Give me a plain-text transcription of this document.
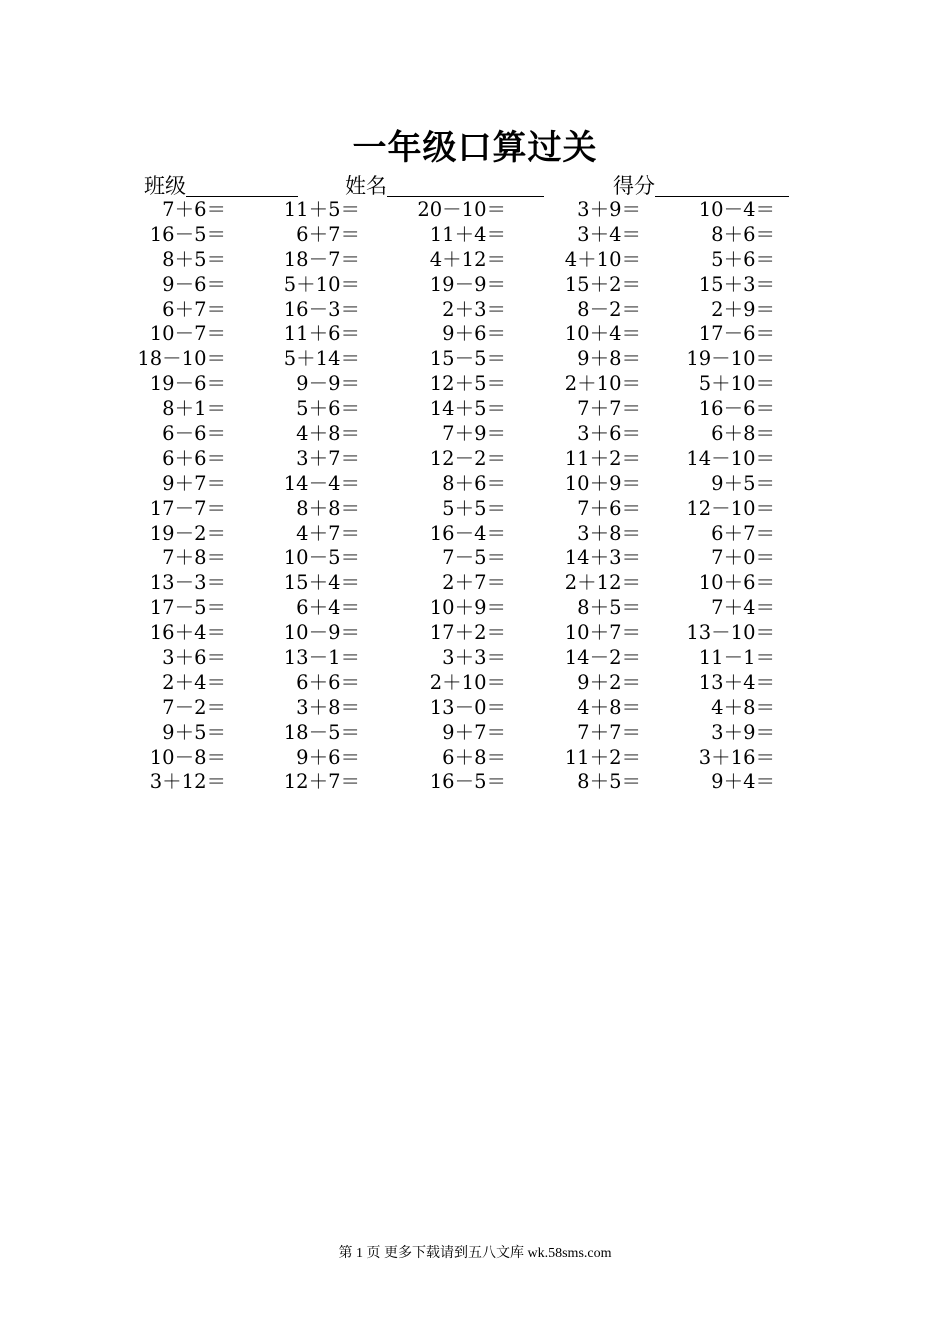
一年级口算过关
班级	姓名	得分
7＋6＝	11＋5＝	20－10＝	3＋9＝	10－4＝
16－5＝	6＋7＝	11＋4＝	3＋4＝	8＋6＝
8＋5＝	18－7＝	4＋12＝	4＋10＝	5＋6＝
9－6＝	5＋10＝	19－9＝	15＋2＝	15＋3＝
6＋7＝	16－3＝	2＋3＝	8－2＝	2＋9＝
10－7＝	11＋6＝	9＋6＝	10＋4＝	17－6＝
18－10＝	5＋14＝	15－5＝	9＋8＝ 19－10＝
19－6＝	9－9＝	12＋5＝	2＋10＝	5＋10＝
8＋1＝	5＋6＝	14＋5＝	7＋7＝	16－6＝
6－6＝	4＋8＝	7＋9＝	3＋6＝	6＋8＝
6＋6＝	3＋7＝	12－2＝	11＋2＝ 14－10＝
9＋7＝	14－4＝	8＋6＝	10＋9＝	9＋5＝
17－7＝	8＋8＝	5＋5＝	7＋6＝ 12－10＝
19－2＝	4＋7＝	16－4＝	3＋8＝	6＋7＝
7＋8＝	10－5＝	7－5＝	14＋3＝	7＋0＝
13－3＝	15＋4＝	2＋7＝	2＋12＝	10＋6＝
17－5＝	6＋4＝	10＋9＝	8＋5＝	7＋4＝
16＋4＝	10－9＝	17＋2＝	10＋7＝ 13－10＝
3＋6＝	13－1＝	3＋3＝	14－2＝	11－1＝
2＋4＝	6＋6＝	2＋10＝	9＋2＝	13＋4＝
7－2＝	3＋8＝	13－0＝	4＋8＝	4＋8＝
9＋5＝	18－5＝	9＋7＝	7＋7＝	3＋9＝
10－8＝	9＋6＝	6＋8＝	11＋2＝	3＋16＝
3＋12＝	12＋7＝	16－5＝	8＋5＝	9＋4＝
第 1 页 更多下载请到五八文库 wk.58sms.com
